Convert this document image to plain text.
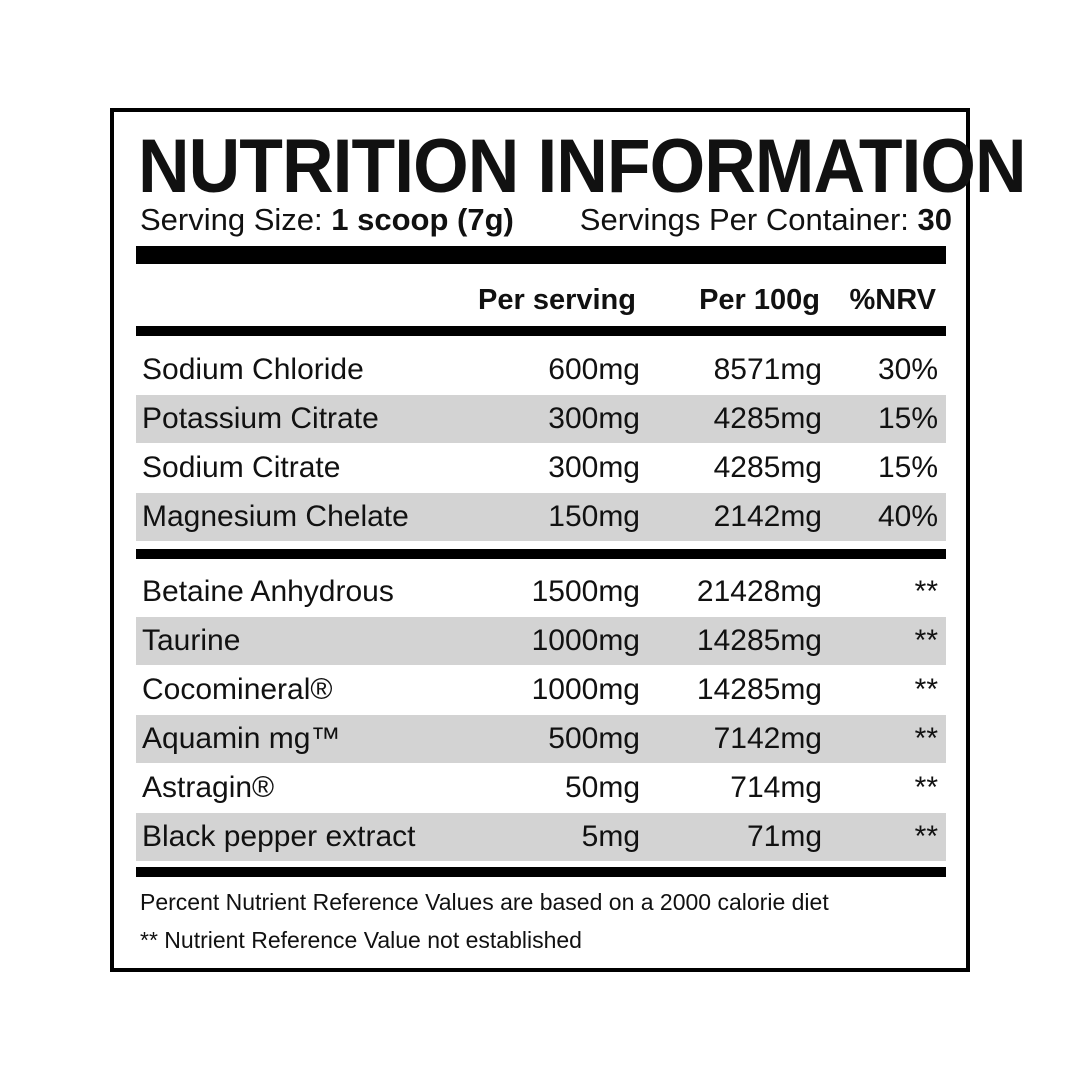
NUTRITION INFORMATION
Serving Size: 1 scoop (7g) Servings Per Container: 30
Per serving Per 100g %NRV
Sodium Chloride	600mg 8571mg 30%
Potassium Citrate	300mg 4285mg 15%
Sodium Citrate	300mg 4285mg 15%
Magnesium Chelate	150mg 2142mg 40%
Betaine Anhydrous	1500mg 21428mg	**
Taurine	1000mg 14285mg	**
Cocomineral®	1000mg 14285mg	**
Aquamin mg™	500mg 7142mg	**
Astragin®	50mg	714mg	**
Black pepper extract	5mg	71mg	**
Percent Nutrient Reference Values are based on a 2000 calorie diet
** Nutrient Reference Value not established
